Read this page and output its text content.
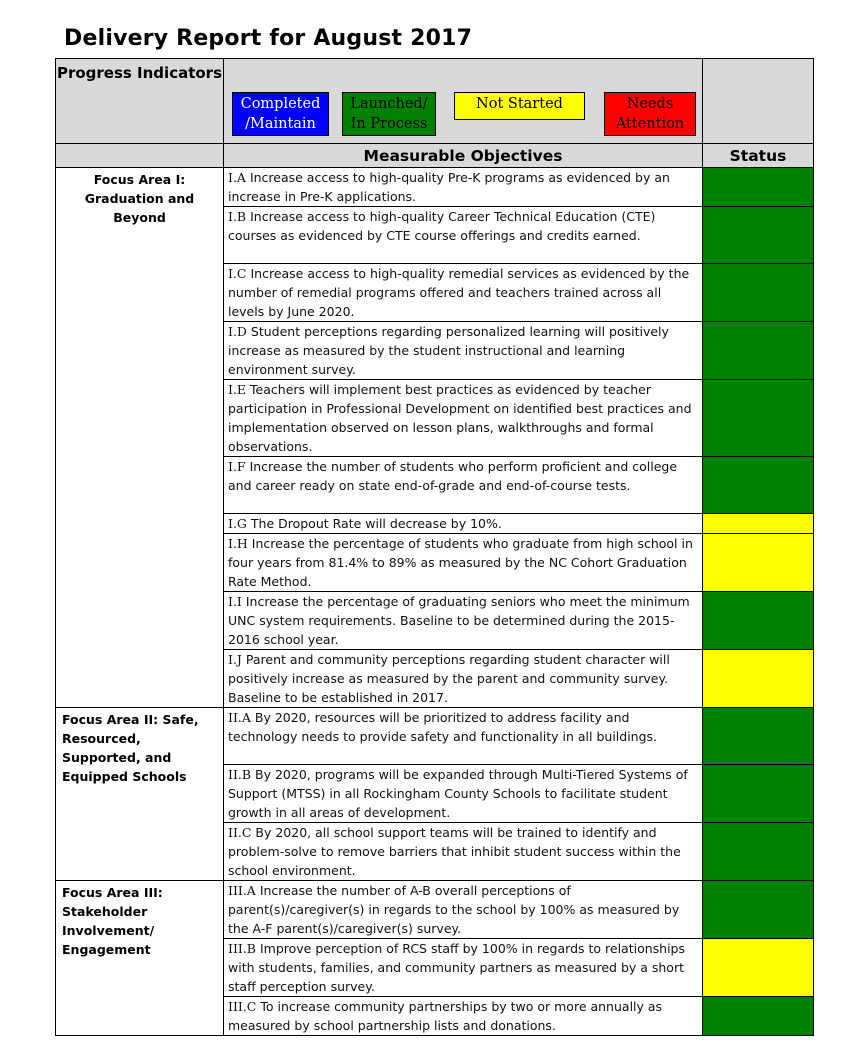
Delivery Report for August 2017
Progress Indicators	Completed /Maintain
Launched/ In Process
Not Started Needs Attention	

	Measurable Objectives	Status
Focus Area I: Graduation and Beyond	I.A Increase access to high-quality Pre-K programs as evidenced by an increase in Pre-K applications.	
	I.B Increase access to high-quality Career Technical Education (CTE) courses as evidenced by CTE course offerings and credits earned.	
	I.C Increase access to high-quality remedial services as evidenced by the number of remedial programs offered and teachers trained across all levels by June 2020.	
	I.D Student perceptions regarding personalized learning will positively increase as measured by the student instructional and learning environment survey.	
	I.E Teachers will implement best practices as evidenced by teacher participation in Professional Development on identified best practices and implementation observed on lesson plans, walkthroughs and formal observations.	
	I.F Increase the number of students who perform proficient and college and career ready on state end-of-grade and end-of-course tests.	
	I.G The Dropout Rate will decrease by 10%.	
	I.H Increase the percentage of students who graduate from high school in four years from 81.4% to 89% as measured by the NC Cohort Graduation Rate Method.	
	I.I Increase the percentage of graduating seniors who meet the minimum UNC system requirements. Baseline to be determined during the 2015-2016 school year.	
	I.J Parent and community perceptions regarding student character will positively increase as measured by the parent and community survey. Baseline to be established in 2017.	
Focus Area II: Safe, Resourced, Supported, and Equipped Schools	II.A By 2020, resources will be prioritized to address facility and technology needs to provide safety and functionality in all buildings.	
	II.B By 2020, programs will be expanded through Multi-Tiered Systems of Support (MTSS) in all Rockingham County Schools to facilitate student growth in all areas of development.	
	II.C By 2020, all school support teams will be trained to identify and problem-solve to remove barriers that inhibit student success within the school environment.	
Focus Area III: Stakeholder Involvement/ Engagement	III.A Increase the number of A-B overall perceptions of parent(s)/caregiver(s) in regards to the school by 100% as measured by the A-F parent(s)/caregiver(s) survey.	
	III.B Improve perception of RCS staff by 100% in regards to relationships with students, families, and community partners as measured by a short staff perception survey.	
	III.C To increase community partnerships by two or more annually as measured by school partnership lists and donations.	
